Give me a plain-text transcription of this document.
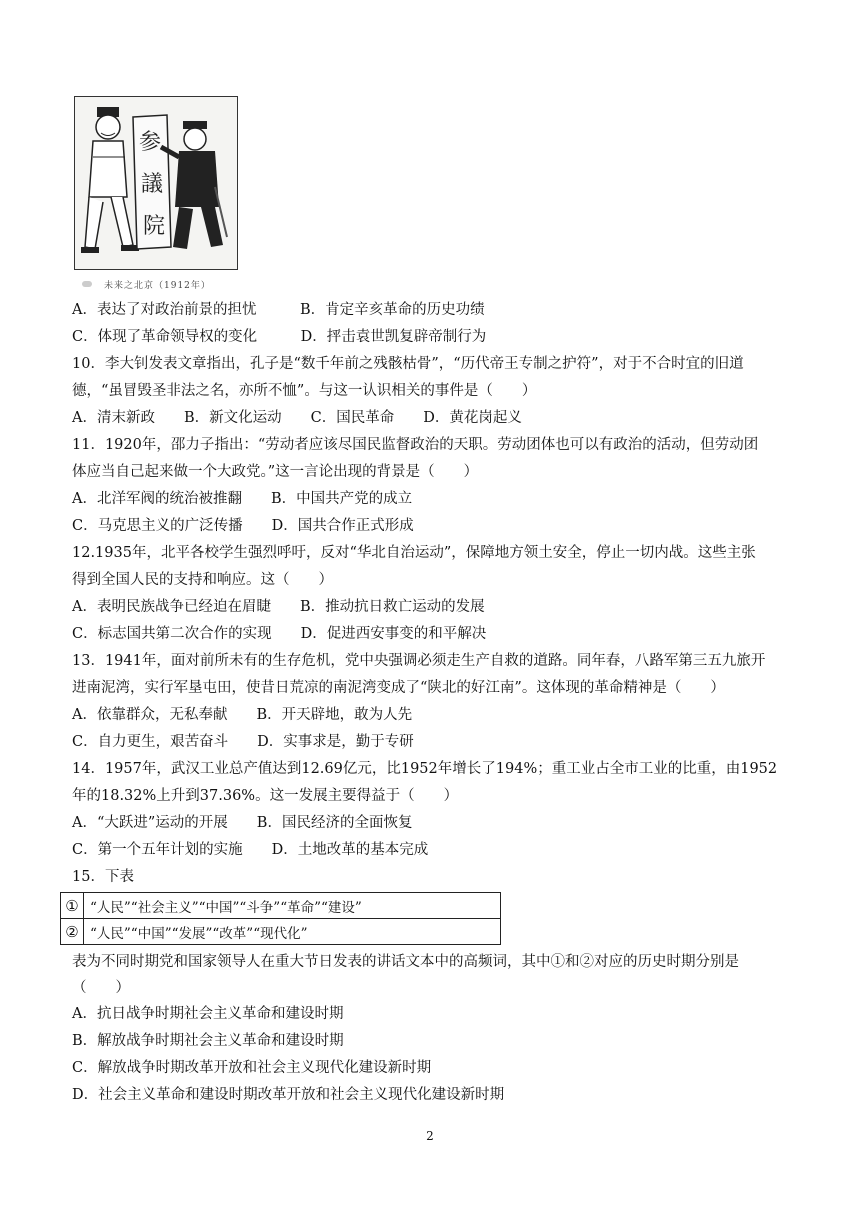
参
議
院
未来之北京（1912年）
A．表达了对政治前景的担忧　　　B．肯定辛亥革命的历史功绩
C．体现了革命领导权的变化　　　D．抨击袁世凯复辟帝制行为
10．李大钊发表文章指出，孔子是“数千年前之残骸枯骨”，“历代帝王专制之护符”，对于不合时宜的旧道
德，“虽冒毁圣非法之名，亦所不恤”。与这一认识相关的事件是（　　）
A．清末新政　　B．新文化运动　　C．国民革命　　D．黄花岗起义
11．1920年，邵力子指出：“劳动者应该尽国民监督政治的天职。劳动团体也可以有政治的活动，但劳动团
体应当自己起来做一个大政党。”这一言论出现的背景是（　　）
A．北洋军阀的统治被推翻　　B．中国共产党的成立
C．马克思主义的广泛传播　　D．国共合作正式形成
12.1935年，北平各校学生强烈呼吁，反对“华北自治运动”，保障地方领土安全，停止一切内战。这些主张
得到全国人民的支持和响应。这（　　）
A．表明民族战争已经迫在眉睫　　B．推动抗日救亡运动的发展
C．标志国共第二次合作的实现　　D．促进西安事变的和平解决
13．1941年，面对前所未有的生存危机，党中央强调必须走生产自救的道路。同年春，八路军第三五九旅开
进南泥湾，实行军垦屯田，使昔日荒凉的南泥湾变成了“陕北的好江南”。这体现的革命精神是（　　）
A．依靠群众，无私奉献　　B．开天辟地，敢为人先
C．自力更生，艰苦奋斗　　D．实事求是，勤于专研
14．1957年，武汉工业总产值达到12.69亿元，比1952年增长了194%；重工业占全市工业的比重，由1952
年的18.32%上升到37.36%。这一发展主要得益于（　　）
A．“大跃进”运动的开展　　B．国民经济的全面恢复
C．第一个五年计划的实施　　D．土地改革的基本完成
15．下表
①	“人民”“社会主义”“中国”“斗争”“革命”“建设”
②	“人民”“中国”“发展”“改革”“现代化”
表为不同时期党和国家领导人在重大节日发表的讲话文本中的高频词，其中①和②对应的历史时期分别是
（　　）
A．抗日战争时期社会主义革命和建设时期
B．解放战争时期社会主义革命和建设时期
C．解放战争时期改革开放和社会主义现代化建设新时期
D．社会主义革命和建设时期改革开放和社会主义现代化建设新时期
2
